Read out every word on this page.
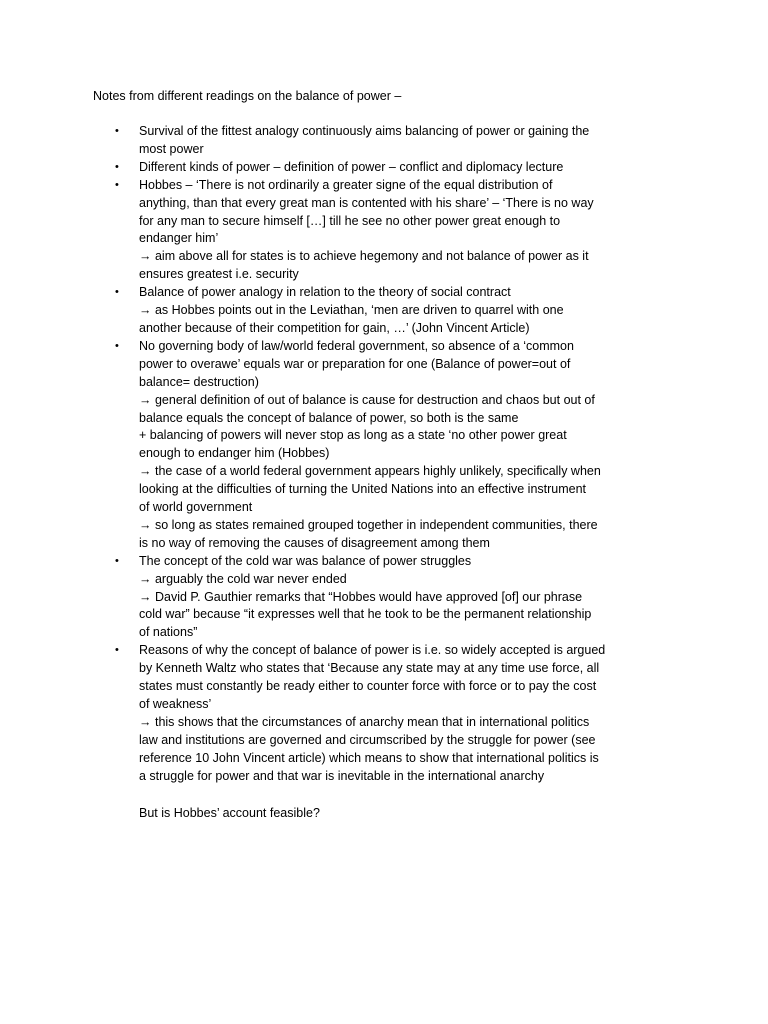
Notes from different readings on the balance of power –
• Survival of the fittest analogy continuously aims balancing of power or gaining the
most power
• Different kinds of power – definition of power – conflict and diplomacy lecture
• Hobbes – ‘There is not ordinarily a greater signe of the equal distribution of
anything, than that every great man is contented with his share’ – ‘There is no way
for any man to secure himself […] till he see no other power great enough to
endanger him’
→ aim above all for states is to achieve hegemony and not balance of power as it
ensures greatest i.e. security
• Balance of power analogy in relation to the theory of social contract
→ as Hobbes points out in the Leviathan, ‘men are driven to quarrel with one
another because of their competition for gain, …’ (John Vincent Article)
• No governing body of law/world federal government, so absence of a ‘common
power to overawe’ equals war or preparation for one (Balance of power=out of
balance= destruction)
→ general definition of out of balance is cause for destruction and chaos but out of
balance equals the concept of balance of power, so both is the same
+ balancing of powers will never stop as long as a state ‘no other power great
enough to endanger him (Hobbes)
→ the case of a world federal government appears highly unlikely, specifically when
looking at the difficulties of turning the United Nations into an effective instrument
of world government
→ so long as states remained grouped together in independent communities, there
is no way of removing the causes of disagreement among them
• The concept of the cold war was balance of power struggles
→ arguably the cold war never ended
→ David P. Gauthier remarks that “Hobbes would have approved [of] our phrase
cold war” because “it expresses well that he took to be the permanent relationship
of nations”
• Reasons of why the concept of balance of power is i.e. so widely accepted is argued
by Kenneth Waltz who states that ‘Because any state may at any time use force, all
states must constantly be ready either to counter force with force or to pay the cost
of weakness’
→ this shows that the circumstances of anarchy mean that in international politics
law and institutions are governed and circumscribed by the struggle for power (see
reference 10 John Vincent article) which means to show that international politics is
a struggle for power and that war is inevitable in the international anarchy
But is Hobbes’ account feasible?
